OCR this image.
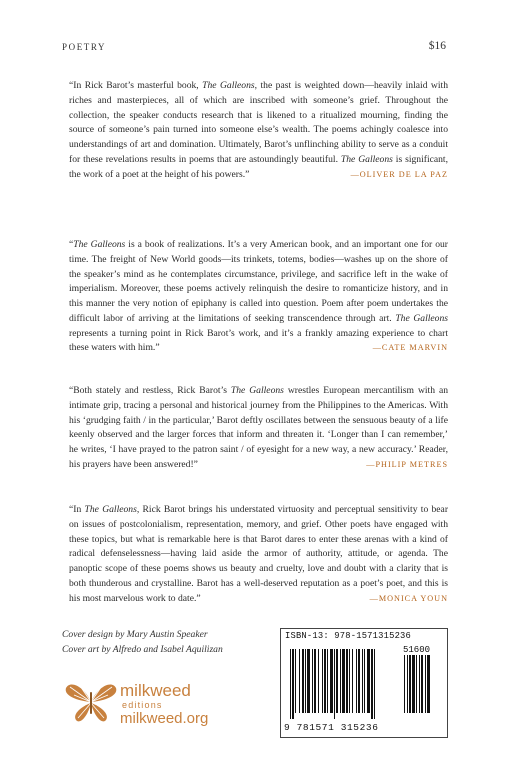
POETRY	$16

“In Rick Barot’s masterful book, The Galleons, the past is weighted down—heavily inlaid with riches and masterpieces, all of which are inscribed with someone’s grief. Throughout the collection, the speaker conducts research that is likened to a ritualized mourning, finding the source of someone’s pain turned into someone else’s wealth. The poems achingly coalesce into understandings of art and domination. Ultimately, Barot’s unflinching ability to serve as a conduit for these revelations results in poems that are astoundingly beautiful. The Galleons is significant, the work of a poet at the height of his powers.”	—OLIVER DE LA PAZ

“The Galleons is a book of realizations. It’s a very American book, and an important one for our time. The freight of New World goods—its trinkets, totems, bodies—washes up on the shore of the speaker’s mind as he contemplates circumstance, privilege, and sacrifice left in the wake of imperialism. Moreover, these poems actively relinquish the desire to romanticize history, and in this manner the very notion of epiphany is called into question. Poem after poem undertakes the difficult labor of arriving at the limitations of seeking transcendence through art. The Galleons represents a turning point in Rick Barot’s work, and it’s a frankly amazing experience to chart these waters with him.”	—CATE MARVIN

“Both stately and restless, Rick Barot’s The Galleons wrestles European mercantilism with an intimate grip, tracing a personal and historical journey from the Philippines to the Americas. With his ‘grudging faith / in the particular,’ Barot deftly oscillates between the sensuous beauty of a life keenly observed and the larger forces that inform and threaten it. ‘Longer than I can remember,’ he writes, ‘I have prayed to the patron saint / of eyesight for a new way, a new accuracy.’ Reader, his prayers have been answered!”	—PHILIP METRES

“In The Galleons, Rick Barot brings his understated virtuosity and perceptual sensitivity to bear on issues of postcolonialism, representation, memory, and grief. Other poets have engaged with these topics, but what is remarkable here is that Barot dares to enter these arenas with a kind of radical defenselessness—having laid aside the armor of authority, attitude, or agenda. The panoptic scope of these poems shows us beauty and cruelty, love and doubt with a clarity that is both thunderous and crystalline. Barot has a well-deserved reputation as a poet’s poet, and this is his most marvelous work to date.”	—MONICA YOUN

Cover design by Mary Austin Speaker
Cover art by Alfredo and Isabel Aquilizan
milkweed
editions
milkweed.org
ISBN-13: 978-1571315236
51600
9 781571 315236
